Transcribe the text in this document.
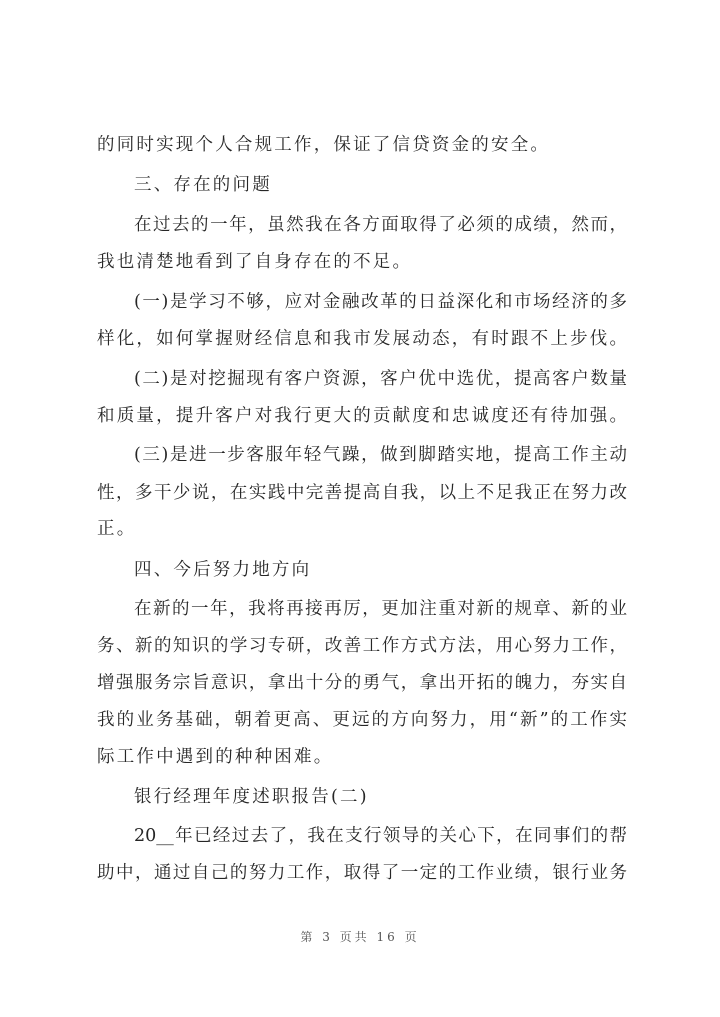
的同时实现个人合规工作，保证了信贷资金的安全。
三、存在的问题
在过去的一年，虽然我在各方面取得了必须的成绩，然而，
我也清楚地看到了自身存在的不足。
(一)是学习不够，应对金融改革的日益深化和市场经济的多
样化，如何掌握财经信息和我市发展动态，有时跟不上步伐。
(二)是对挖掘现有客户资源，客户优中选优，提高客户数量
和质量，提升客户对我行更大的贡献度和忠诚度还有待加强。
(三)是进一步客服年轻气躁，做到脚踏实地，提高工作主动
性，多干少说，在实践中完善提高自我，以上不足我正在努力改
正。
四、今后努力地方向
在新的一年，我将再接再厉，更加注重对新的规章、新的业
务、新的知识的学习专研，改善工作方式方法，用心努力工作，
增强服务宗旨意识，拿出十分的勇气，拿出开拓的魄力，夯实自
我的业务基础，朝着更高、更远的方向努力，用“新”的工作实
际工作中遇到的种种困难。
银行经理年度述职报告(二)
20__年已经过去了，我在支行领导的关心下，在同事们的帮
助中，通过自己的努力工作，取得了一定的工作业绩，银行业务
第 3 页共 16 页
